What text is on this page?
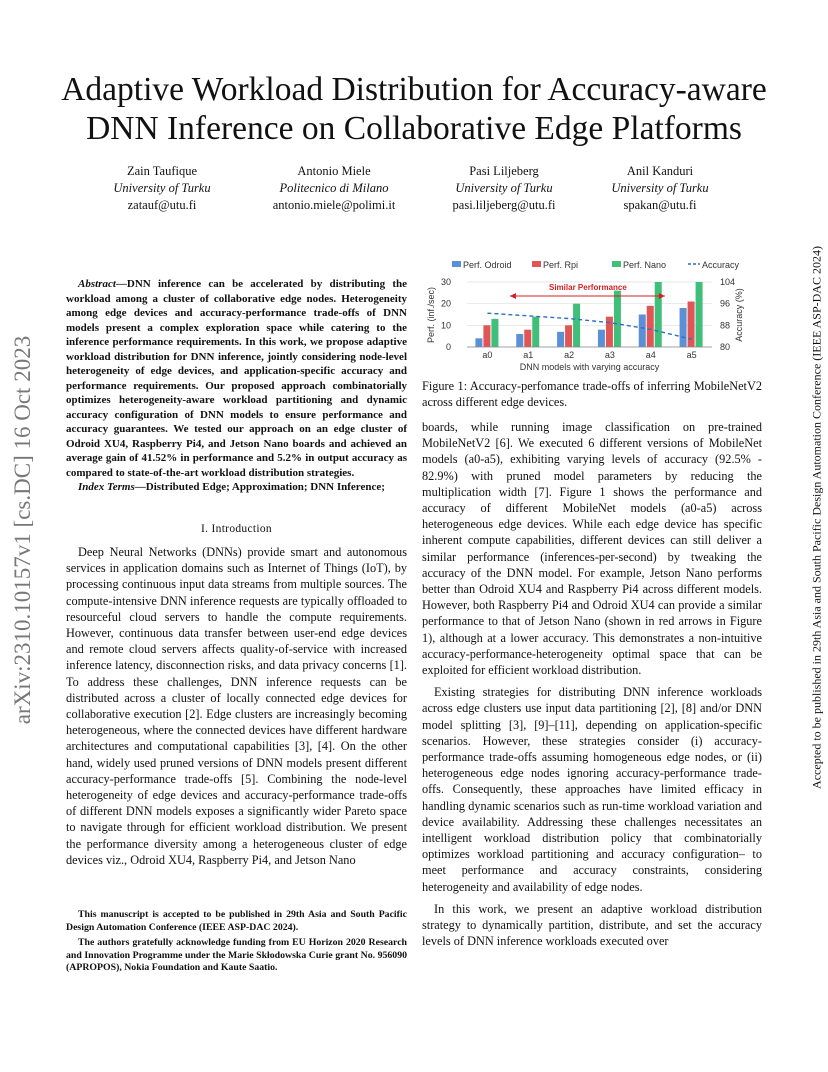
Adaptive Workload Distribution for Accuracy-aware DNN Inference on Collaborative Edge Platforms
Zain Taufique
University of Turku
zatauf@utu.fi
Antonio Miele
Politecnico di Milano
antonio.miele@polimi.it
Pasi Liljeberg
University of Turku
pasi.liljeberg@utu.fi
Anil Kanduri
University of Turku
spakan@utu.fi
arXiv:2310.10157v1 [cs.DC] 16 Oct 2023	Accepted to be published in 29th Asia and South Pacific Design Automation Conference (IEEE ASP-DAC 2024)

Abstract—DNN inference can be accelerated by distributing the workload among a cluster of collaborative edge nodes. Heterogeneity among edge devices and accuracy-performance trade-offs of DNN models present a complex exploration space while catering to the inference performance requirements. In this work, we propose adaptive workload distribution for DNN inference, jointly considering node-level heterogeneity of edge devices, and application-specific accuracy and performance requirements. Our proposed approach combinatorially optimizes heterogeneity-aware workload partitioning and dynamic accuracy configuration of DNN models to ensure performance and accuracy guarantees. We tested our approach on an edge cluster of Odroid XU4, Raspberry Pi4, and Jetson Nano boards and achieved an average gain of 41.52% in performance and 5.2% in output accuracy as compared to state-of-the-art workload distribution strategies.

Index Terms—Distributed Edge; Approximation; DNN Inference;

I. Introduction

Deep Neural Networks (DNNs) provide smart and autonomous services in application domains such as Internet of Things (IoT), by processing continuous input data streams from multiple sources. The compute-intensive DNN inference requests are typically offloaded to resourceful cloud servers to handle the compute requirements. However, continuous data transfer between user-end edge devices and remote cloud servers affects quality-of-service with increased inference latency, disconnection risks, and data privacy concerns [1]. To address these challenges, DNN inference requests can be distributed across a cluster of locally connected edge devices for collaborative execution [2]. Edge clusters are increasingly becoming heterogeneous, where the connected devices have different hardware architectures and computational capabilities [3], [4]. On the other hand, widely used pruned versions of DNN models present different accuracy-performance trade-offs [5]. Combining the node-level heterogeneity of edge devices and accuracy-performance trade-offs of different DNN models exposes a significantly wider Pareto space to navigate through for efficient workload distribution. We present the performance diversity among a heterogeneous cluster of edge devices viz., Odroid XU4, Raspberry Pi4, and Jetson Nano

This manuscript is accepted to be published in 29th Asia and South Pacific Design Automation Conference (IEEE ASP-DAC 2024).

The authors gratefully acknowledge funding from EU Horizon 2020 Research and Innovation Programme under the Marie Skłodowska Curie grant No. 956090 (APROPOS), Nokia Foundation and Kaute Saatio.

Perf. Odroid	Perf. Rpi	Perf. Nano	Accuracy
0
10
20
30
80
88
96
104
a0	a1	a2	a3	a4	a5
Similar Performance
DNN models with varying accuracy
Perf. (inf./sec)	Accuracy (%)
Figure 1: Accuracy-perfomance trade-offs of inferring MobileNetV2 across different edge devices.

boards, while running image classification on pre-trained MobileNetV2 [6]. We executed 6 different versions of MobileNet models (a0-a5), exhibiting varying levels of accuracy (92.5% - 82.9%) with pruned model parameters by reducing the multiplication width [7]. Figure 1 shows the performance and accuracy of different MobileNet models (a0-a5) across heterogeneous edge devices. While each edge device has specific inherent compute capabilities, different devices can still deliver a similar performance (inferences-per-second) by tweaking the accuracy of the DNN model. For example, Jetson Nano performs better than Odroid XU4 and Raspberry Pi4 across different models. However, both Raspberry Pi4 and Odroid XU4 can provide a similar performance to that of Jetson Nano (shown in red arrows in Figure 1), although at a lower accuracy. This demonstrates a non-intuitive accuracy-performance-heterogeneity optimal space that can be exploited for efficient workload distribution.

Existing strategies for distributing DNN inference workloads across edge clusters use input data partitioning [2], [8] and/or DNN model splitting [3], [9]–[11], depending on application-specific scenarios. However, these strategies consider (i) accuracy-performance trade-offs assuming homogeneous edge nodes, or (ii) heterogeneous edge nodes ignoring accuracy-performance trade-offs. Consequently, these approaches have limited efficacy in handling dynamic scenarios such as run-time workload variation and device availability. Addressing these challenges necessitates an intelligent workload distribution policy that combinatorially optimizes workload partitioning and accuracy configuration– to meet performance and accuracy constraints, considering heterogeneity and availability of edge nodes.

In this work, we present an adaptive workload distribution strategy to dynamically partition, distribute, and set the accuracy levels of DNN inference workloads executed over
